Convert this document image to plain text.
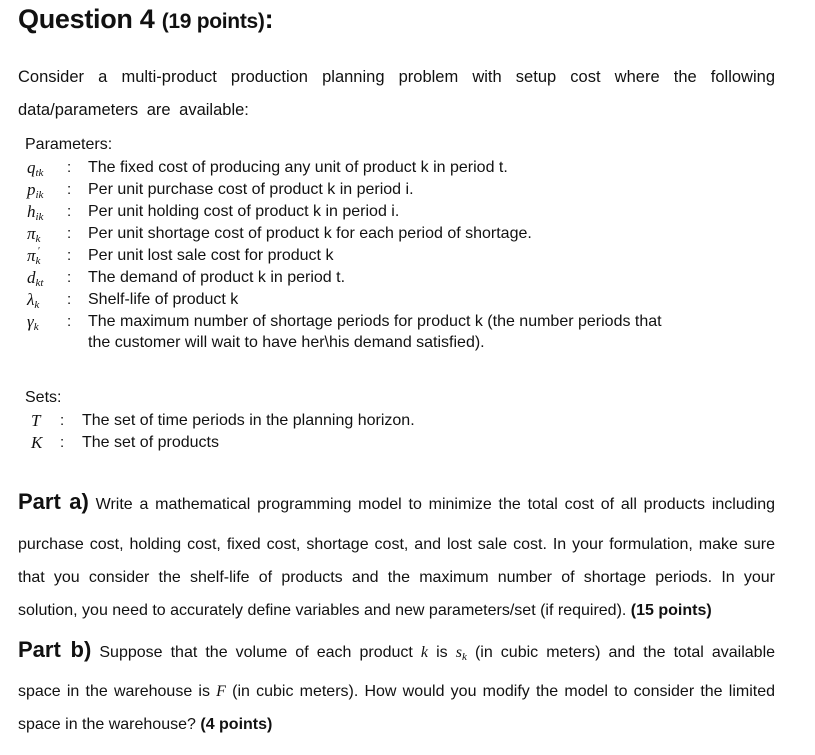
Question 4 (19 points):
Consider a multi-product production planning problem with setup cost where the following
data/parameters are available:
Parameters:
qtk : The fixed cost of producing any unit of product k in period t.
pik : Per unit purchase cost of product k in period i.
hik : Per unit holding cost of product k in period i.
πk : Per unit shortage cost of product k for each period of shortage.
πk′ : Per unit lost sale cost for product k
dkt : The demand of product k in period t.
λk : Shelf-life of product k
γk : The maximum number of shortage periods for product k (the number periods that
the customer will wait to have her\his demand satisfied).
Sets:
T : The set of time periods in the planning horizon.
K : The set of products
Part a) Write a mathematical programming model to minimize the total cost of all products including
purchase cost, holding cost, fixed cost, shortage cost, and lost sale cost. In your formulation, make sure
that you consider the shelf-life of products and the maximum number of shortage periods. In your
solution, you need to accurately define variables and new parameters/set (if required). (15 points)
Part b) Suppose that the volume of each product k is sk (in cubic meters) and the total available
space in the warehouse is F (in cubic meters). How would you modify the model to consider the limited
space in the warehouse? (4 points)
